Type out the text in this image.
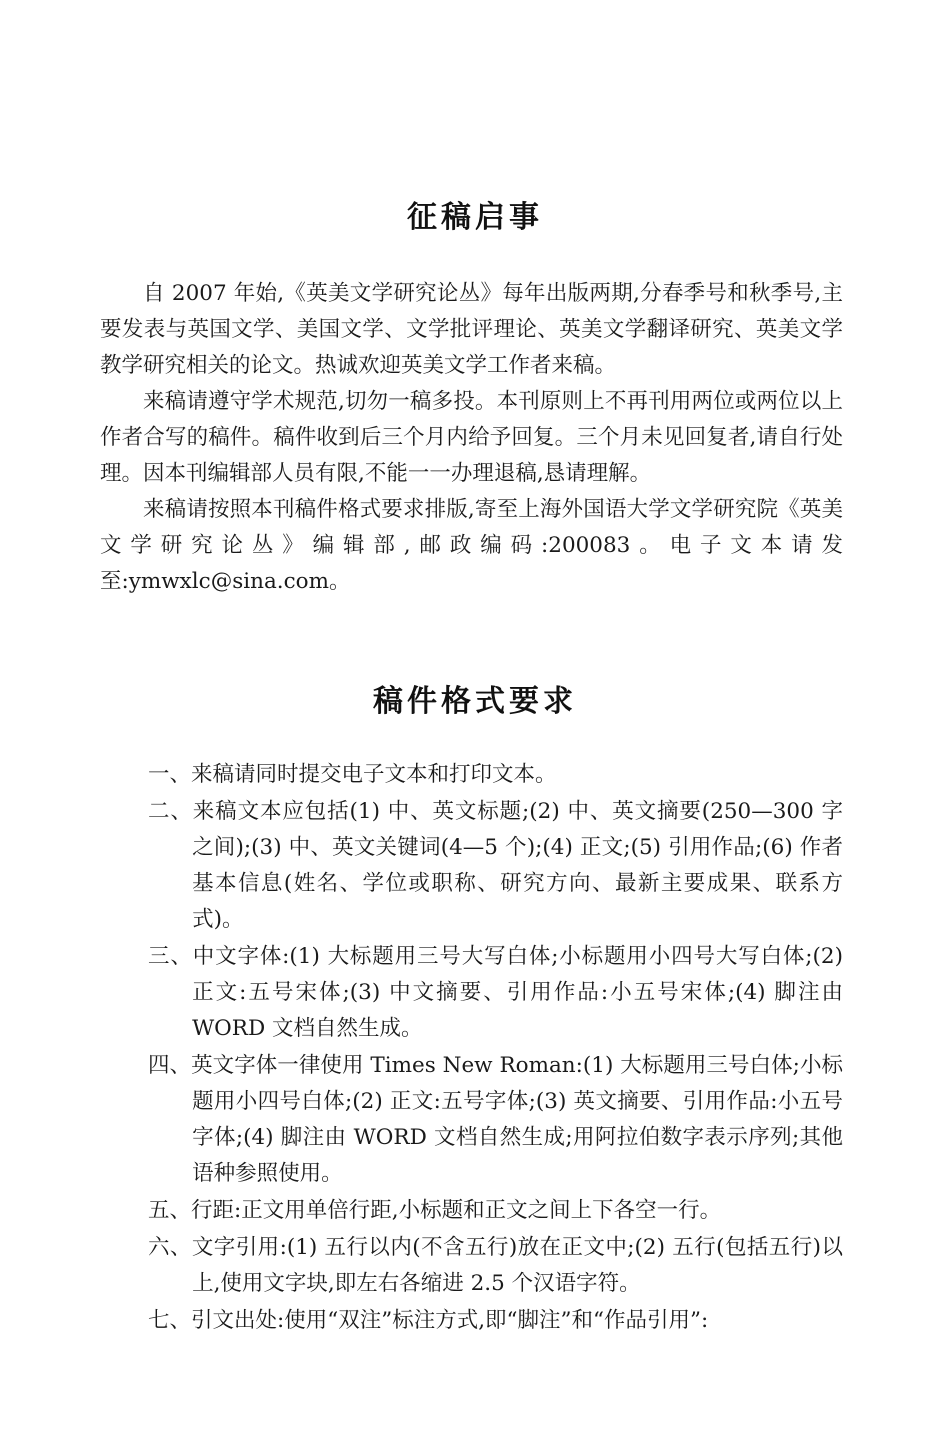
征稿启事

自 2007 年始,《英美文学研究论丛》每年出版两期,分春季号和秋季号,主要发表与英国文学、美国文学、文学批评理论、英美文学翻译研究、英美文学教学研究相关的论文。热诚欢迎英美文学工作者来稿。

来稿请遵守学术规范,切勿一稿多投。本刊原则上不再刊用两位或两位以上作者合写的稿件。稿件收到后三个月内给予回复。三个月未见回复者,请自行处理。因本刊编辑部人员有限,不能一一办理退稿,恳请理解。

来稿请按照本刊稿件格式要求排版,寄至上海外国语大学文学研究院《英美文学研究论丛》编辑部,邮政编码:200083。电子文本请发至:ymwxlc@sina.com。

稿件格式要求
一、来稿请同时提交电子文本和打印文本。
二、来稿文本应包括(1) 中、英文标题;(2) 中、英文摘要(250—300 字之间);(3) 中、英文关键词(4—5 个);(4) 正文;(5) 引用作品;(6) 作者基本信息(姓名、学位或职称、研究方向、最新主要成果、联系方式)。
三、中文字体:(1) 大标题用三号大写白体;小标题用小四号大写白体;(2) 正文:五号宋体;(3) 中文摘要、引用作品:小五号宋体;(4) 脚注由 WORD 文档自然生成。
四、英文字体一律使用 Times New Roman:(1) 大标题用三号白体;小标题用小四号白体;(2) 正文:五号字体;(3) 英文摘要、引用作品:小五号字体;(4) 脚注由 WORD 文档自然生成;用阿拉伯数字表示序列;其他语种参照使用。
五、行距:正文用单倍行距,小标题和正文之间上下各空一行。
六、文字引用:(1) 五行以内(不含五行)放在正文中;(2) 五行(包括五行)以上,使用文字块,即左右各缩进 2.5 个汉语字符。
七、引文出处:使用“双注”标注方式,即“脚注”和“作品引用”:
